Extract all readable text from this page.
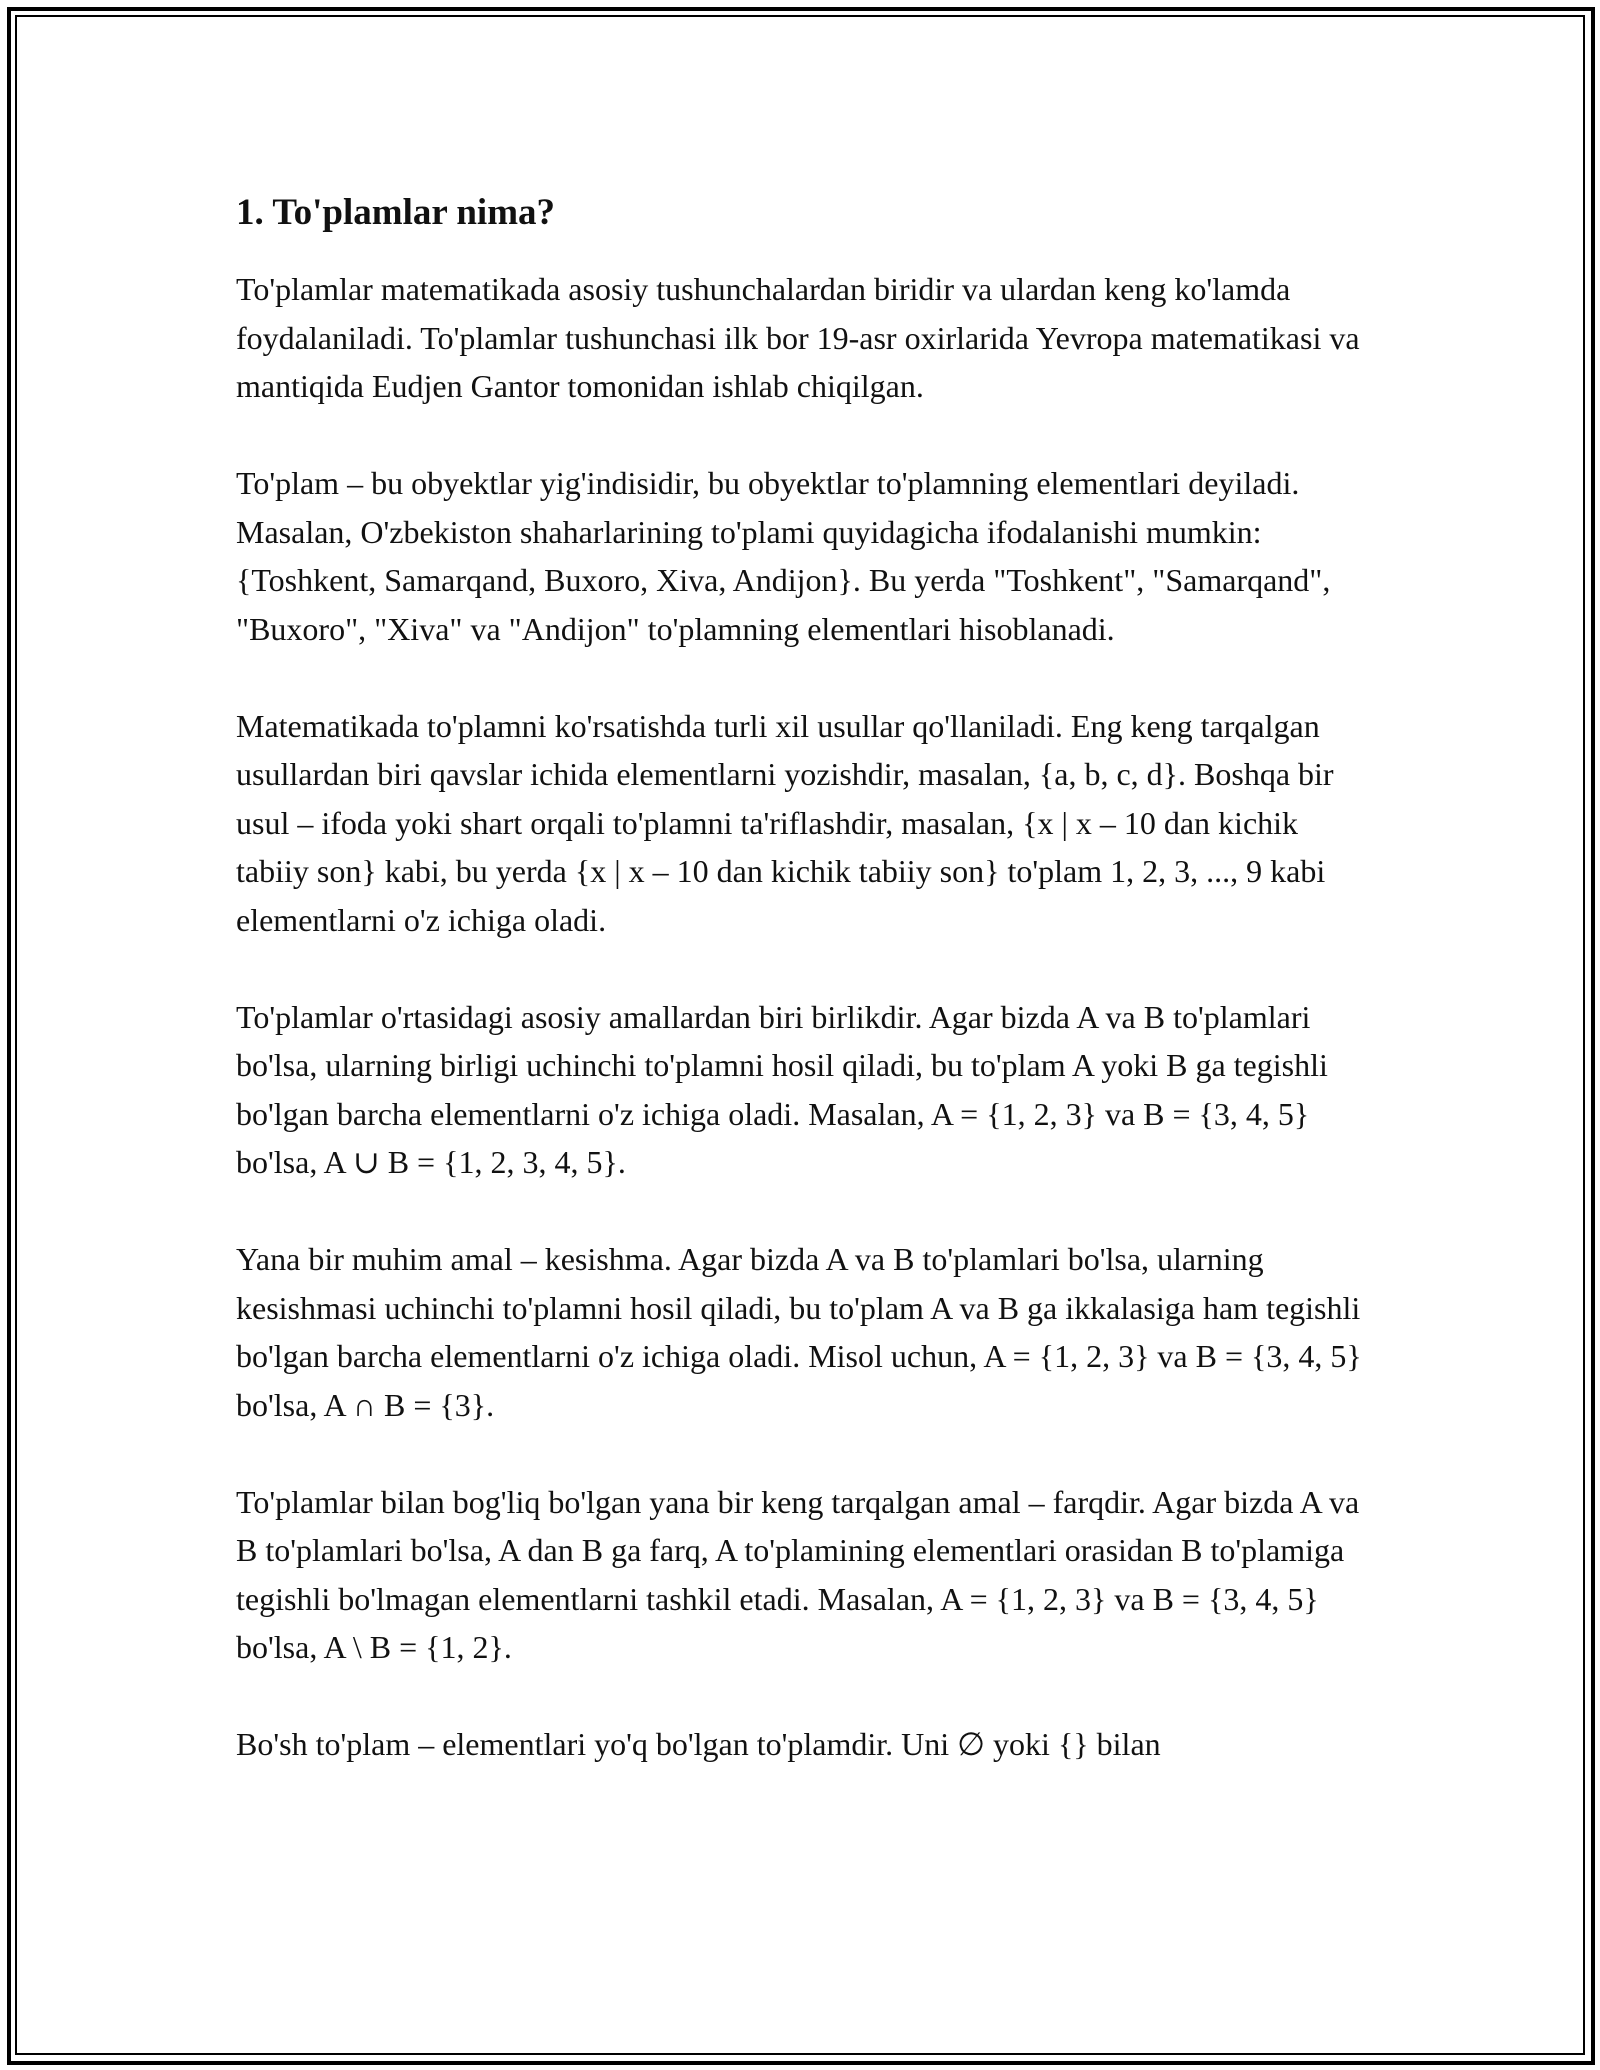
1. To'plamlar nima?

To'plamlar matematikada asosiy tushunchalardan biridir va ulardan keng ko'lamda foydalaniladi. To'plamlar tushunchasi ilk bor 19-asr oxirlarida Yevropa matematikasi va mantiqida Eudjen Gantor tomonidan ishlab chiqilgan.

To'plam – bu obyektlar yig'indisidir, bu obyektlar to'plamning elementlari deyiladi. Masalan, O'zbekiston shaharlarining to'plami quyidagicha ifodalanishi mumkin: {Toshkent, Samarqand, Buxoro, Xiva, Andijon}. Bu yerda "Toshkent", "Samarqand", "Buxoro", "Xiva" va "Andijon" to'plamning elementlari hisoblanadi.

Matematikada to'plamni ko'rsatishda turli xil usullar qo'llaniladi. Eng keng tarqalgan usullardan biri qavslar ichida elementlarni yozishdir, masalan, {a, b, c, d}. Boshqa bir usul – ifoda yoki shart orqali to'plamni ta'riflashdir, masalan, {x | x – 10 dan kichik tabiiy son} kabi, bu yerda {x | x – 10 dan kichik tabiiy son} to'plam 1, 2, 3, ..., 9 kabi elementlarni o'z ichiga oladi.

To'plamlar o'rtasidagi asosiy amallardan biri birlikdir. Agar bizda A va B to'plamlari bo'lsa, ularning birligi uchinchi to'plamni hosil qiladi, bu to'plam A yoki B ga tegishli bo'lgan barcha elementlarni o'z ichiga oladi. Masalan, A = {1, 2, 3} va B = {3, 4, 5} bo'lsa, A ∪ B = {1, 2, 3, 4, 5}.

Yana bir muhim amal – kesishma. Agar bizda A va B to'plamlari bo'lsa, ularning kesishmasi uchinchi to'plamni hosil qiladi, bu to'plam A va B ga ikkalasiga ham tegishli bo'lgan barcha elementlarni o'z ichiga oladi. Misol uchun, A = {1, 2, 3} va B = {3, 4, 5} bo'lsa, A ∩ B = {3}.

To'plamlar bilan bog'liq bo'lgan yana bir keng tarqalgan amal – farqdir. Agar bizda A va B to'plamlari bo'lsa, A dan B ga farq, A to'plamining elementlari orasidan B to'plamiga tegishli bo'lmagan elementlarni tashkil etadi. Masalan, A = {1, 2, 3} va B = {3, 4, 5} bo'lsa, A \ B = {1, 2}.

Bo'sh to'plam – elementlari yo'q bo'lgan to'plamdir. Uni ∅ yoki {} bilan
